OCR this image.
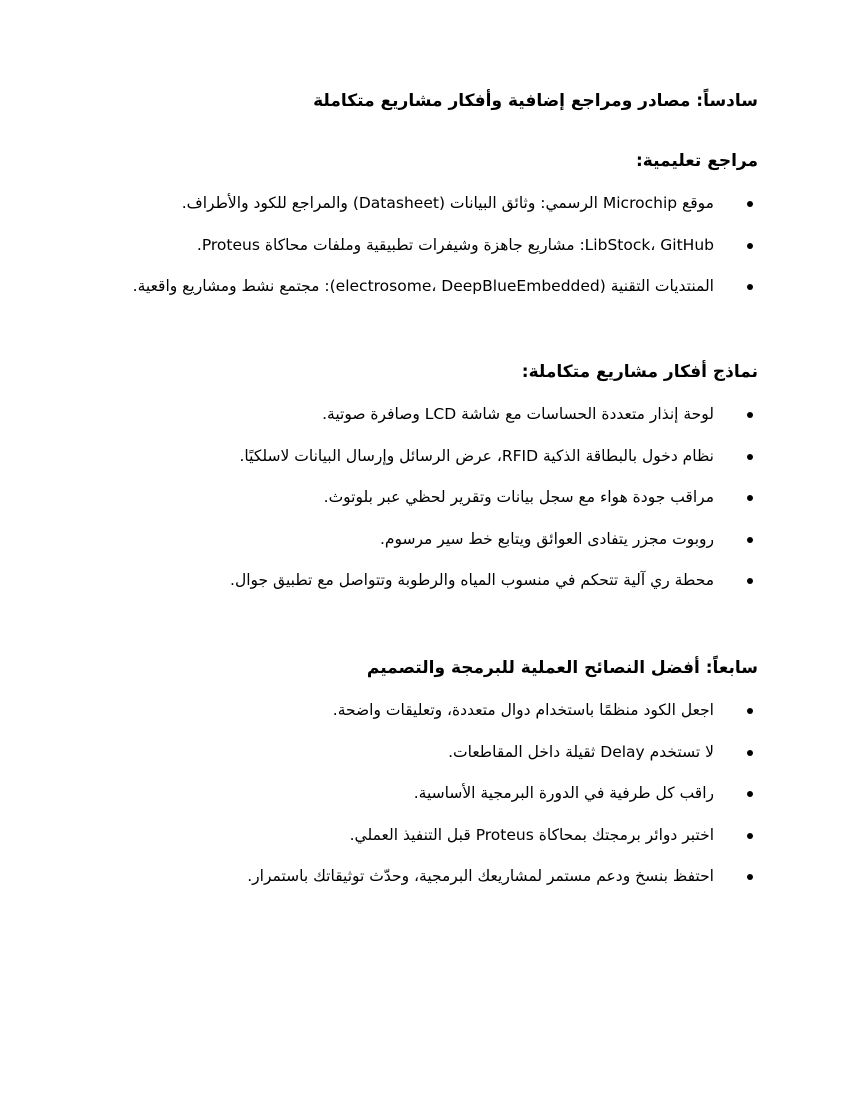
سادساً: مصادر ومراجع إضافية وأفكار مشاريع متكاملة
مراجع تعليمية:
موقع Microchip الرسمي: وثائق البيانات (Datasheet) والمراجع للكود والأطراف.
LibStock، GitHub: مشاريع جاهزة وشيفرات تطبيقية وملفات محاكاة Proteus.
المنتديات التقنية (electrosome، DeepBlueEmbedded): مجتمع نشط ومشاريع واقعية.
نماذج أفكار مشاريع متكاملة:
لوحة إنذار متعددة الحساسات مع شاشة LCD وصافرة صوتية.
نظام دخول بالبطاقة الذكية RFID، عرض الرسائل وإرسال البيانات لاسلكيًا.
مراقب جودة هواء مع سجل بيانات وتقرير لحظي عبر بلوتوث.
روبوت مجزر يتفادى العوائق ويتابع خط سير مرسوم.
محطة ري آلية تتحكم في منسوب المياه والرطوبة وتتواصل مع تطبيق جوال.
سابعاً: أفضل النصائح العملية للبرمجة والتصميم
اجعل الكود منظمًا باستخدام دوال متعددة، وتعليقات واضحة.
لا تستخدم Delay ثقيلة داخل المقاطعات.
راقب كل طرفية في الدورة البرمجية الأساسية.
اختبر دوائر برمجتك بمحاكاة Proteus قبل التنفيذ العملي.
احتفظ بنسخ ودعم مستمر لمشاريعك البرمجية، وحدّث توثيقاتك باستمرار.
